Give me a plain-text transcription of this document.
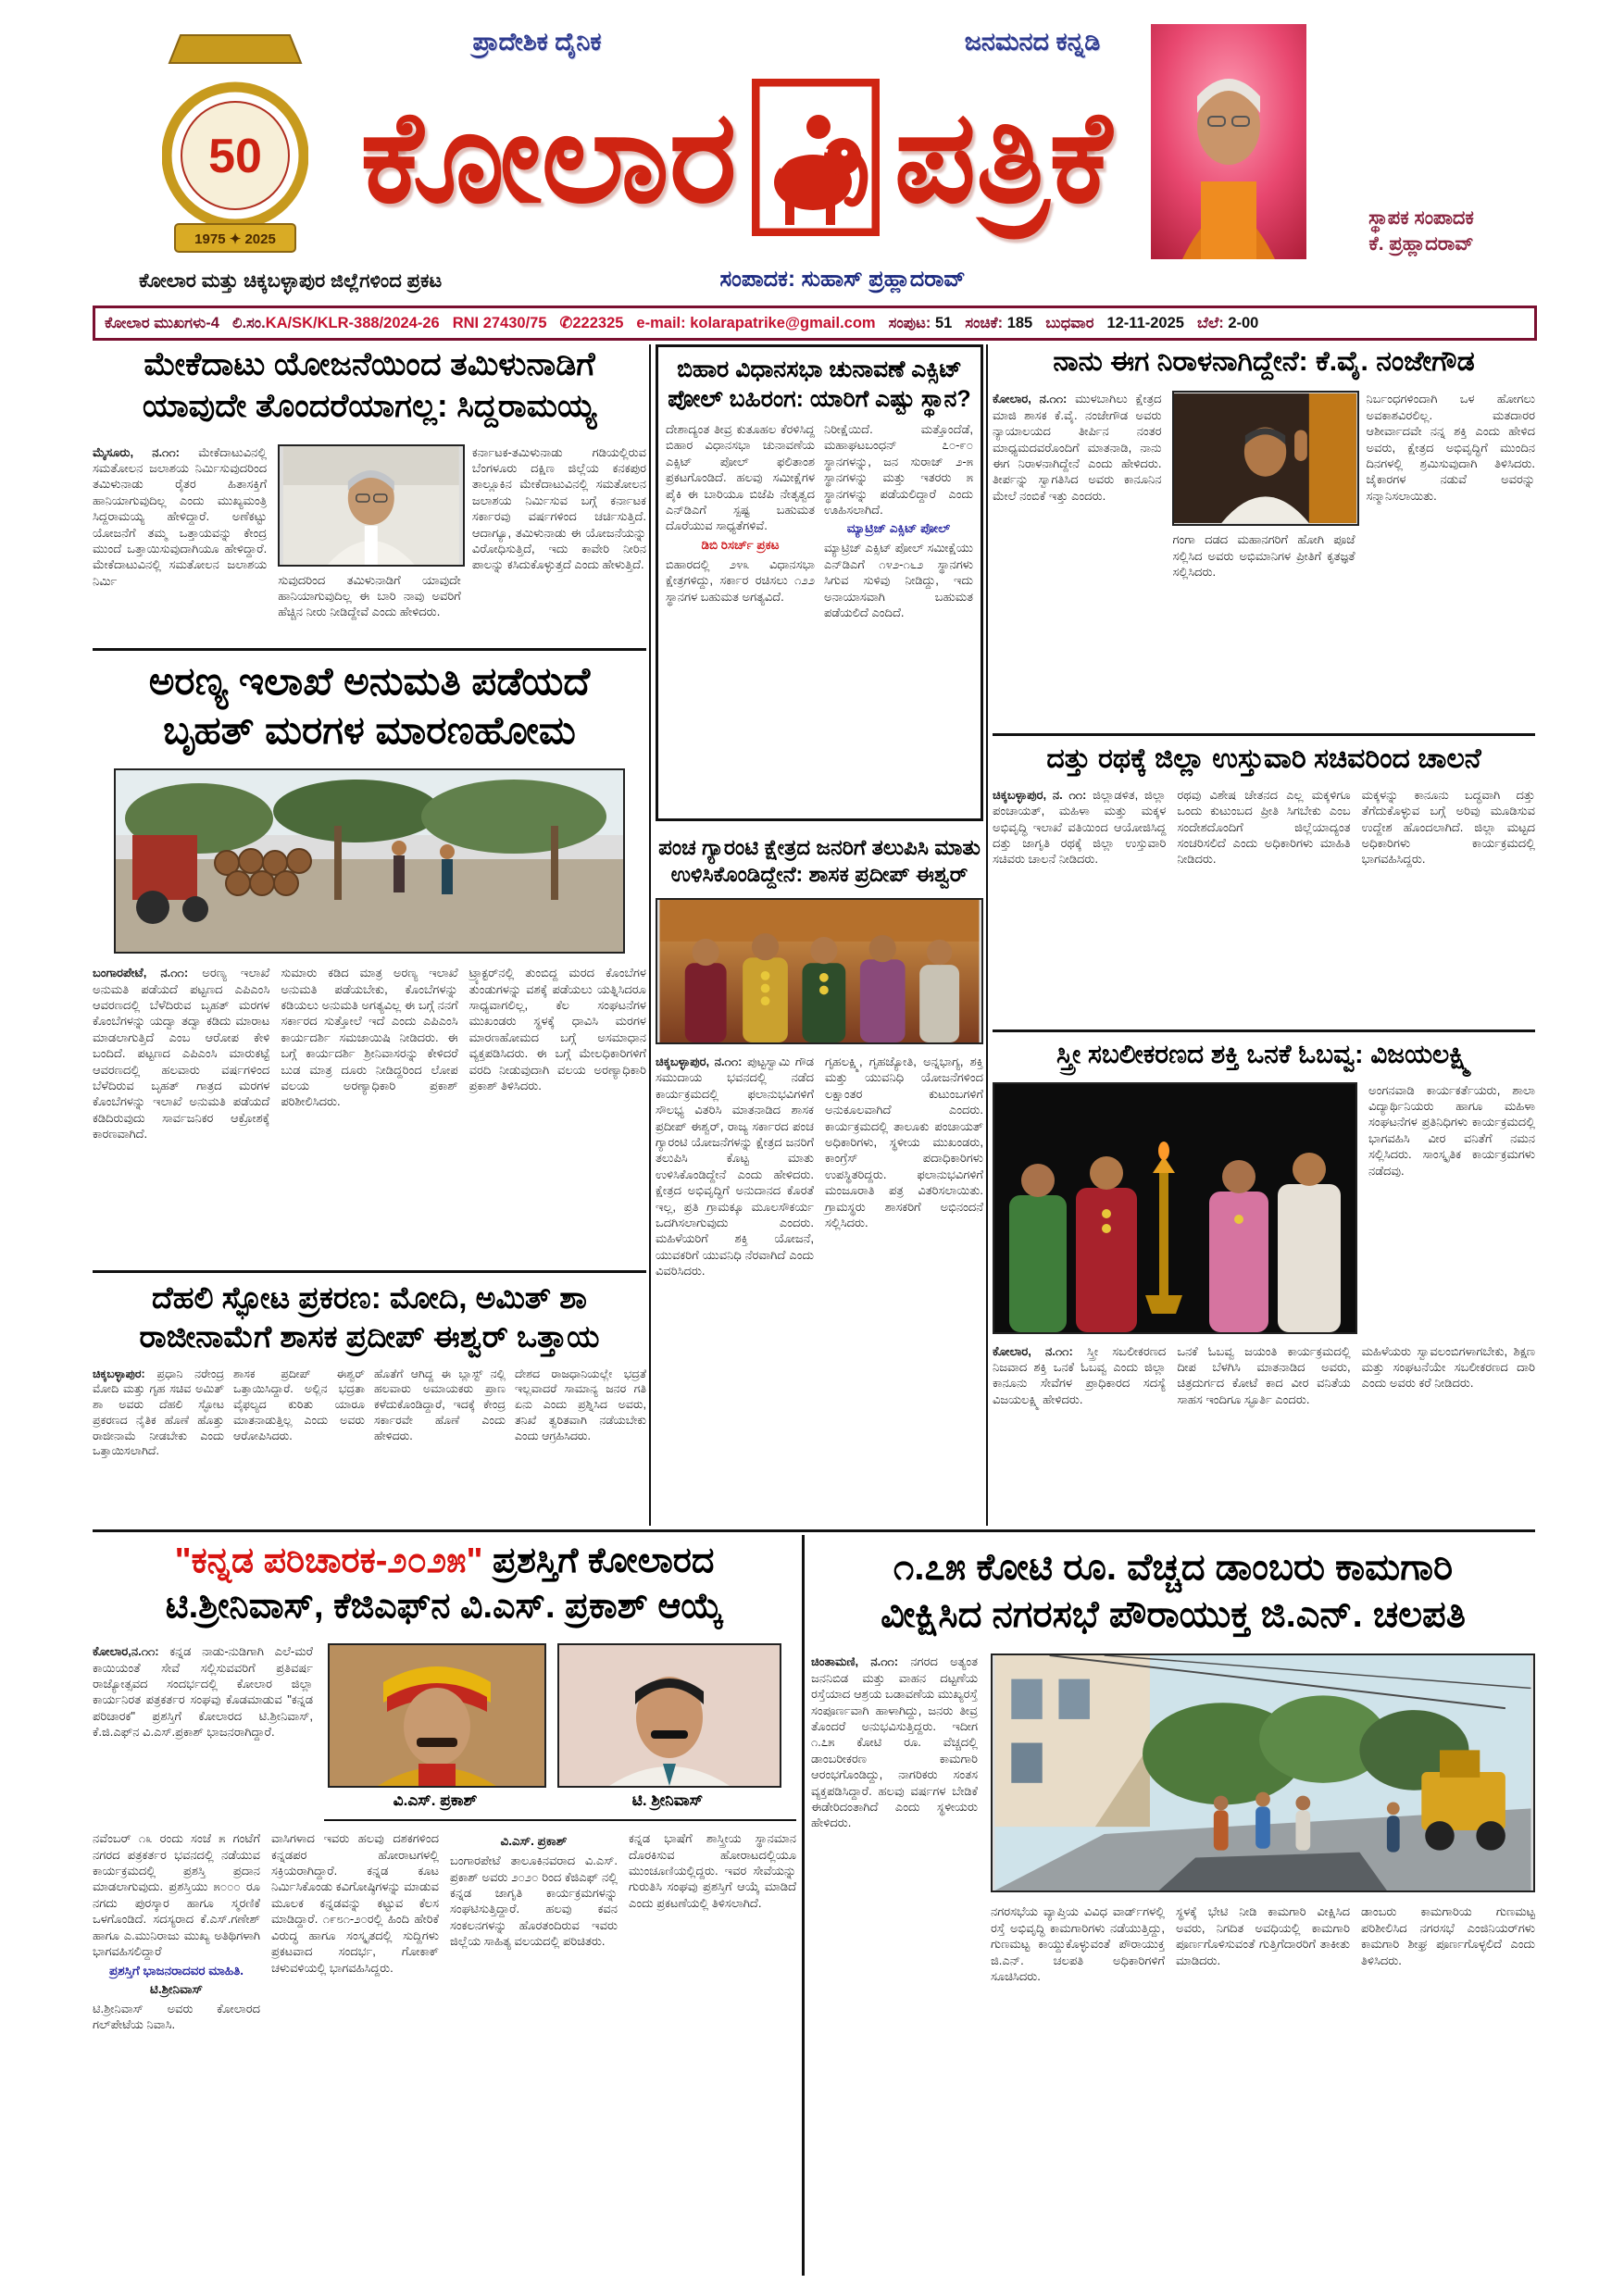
50
1975 ✦ 2025
ಪ್ರಾದೇಶಿಕ ದೈನಿಕ	ಜನಮನದ ಕನ್ನಡಿ
ಕೋಲಾರ ಪತ್ರಿಕೆ	ಸ್ಥಾಪಕ ಸಂಪಾದಕ
ಕೆ. ಪ್ರಹ್ಲಾದರಾವ್
ಕೋಲಾರ ಮತ್ತು ಚಿಕ್ಕಬಳ್ಳಾಪುರ ಜಿಲ್ಲೆಗಳಿಂದ ಪ್ರಕಟ	ಸಂಪಾದಕ: ಸುಹಾಸ್ ಪ್ರಹ್ಲಾದರಾವ್
ಕೋಲಾರ ಮುಖಗಳು-4 ಲಿ.ಸಂ.KA/SK/KLR-388/2024-26 RNI 27430/75 ✆222325 e-mail: kolarapatrike@gmail.com ಸಂಪುಟ: 51 ಸಂಚಿಕೆ: 185 ಬುಧವಾರ 12-11-2025 ಬೆಲೆ: 2-00
ಮೇಕೆದಾಟು ಯೋಜನೆಯಿಂದ ತಮಿಳುನಾಡಿಗೆ
ಯಾವುದೇ ತೊಂದರೆಯಾಗಲ್ಲ: ಸಿದ್ದರಾಮಯ್ಯ
ಮೈಸೂರು, ನ.೧೧: ಮೇಕೆದಾಟುವಿನಲ್ಲಿ ಸಮತೋಲನ ಜಲಾಶಯ ನಿರ್ಮಿಸುವುದರಿಂದ ತಮಿಳುನಾಡು ರೈತರ ಹಿತಾಸಕ್ತಿಗೆ ಹಾನಿಯಾಗುವುದಿಲ್ಲ ಎಂದು ಮುಖ್ಯಮಂತ್ರಿ ಸಿದ್ದರಾಮಯ್ಯ ಹೇಳಿದ್ದಾರೆ. ಅಣೆಕಟ್ಟು ಯೋಜನೆಗೆ ತಮ್ಮ ಒತ್ತಾಯವನ್ನು ಕೇಂದ್ರ ಮುಂದೆ ಒತ್ತಾಯಿಸುವುದಾಗಿಯೂ ಹೇಳಿದ್ದಾರೆ. ಮೇಕೆದಾಟುವಿನಲ್ಲಿ ಸಮತೋಲನ ಜಲಾಶಯ ನಿರ್ಮಿ	ಸುವುದರಿಂದ ತಮಿಳುನಾಡಿಗೆ ಯಾವುದೇ ಹಾನಿಯಾಗುವುದಿಲ್ಲ ಈ ಬಾರಿ ನಾವು ಅವರಿಗೆ ಹೆಚ್ಚಿನ ನೀರು ನೀಡಿದ್ದೇವೆ ಎಂದು ಹೇಳಿದರು.
ಕರ್ನಾಟಕ-ತಮಿಳುನಾಡು ಗಡಿಯಲ್ಲಿರುವ ಬೆಂಗಳೂರು ದಕ್ಷಿಣ ಜಿಲ್ಲೆಯ ಕನಕಪುರ ತಾಲ್ಲೂಕಿನ ಮೇಕೆದಾಟುವಿನಲ್ಲಿ ಸಮತೋಲನ ಜಲಾಶಯ ನಿರ್ಮಿಸುವ ಬಗ್ಗೆ ಕರ್ನಾಟಕ ಸರ್ಕಾರವು ವರ್ಷಗಳಿಂದ ಚರ್ಚಿಸುತ್ತಿದೆ. ಆದಾಗ್ಯೂ, ತಮಿಳುನಾಡು ಈ ಯೋಜನೆಯನ್ನು ವಿರೋಧಿಸುತ್ತಿದೆ, ಇದು ಕಾವೇರಿ ನೀರಿನ ಪಾಲನ್ನು ಕಸಿದುಕೊಳ್ಳುತ್ತದೆ ಎಂದು ಹೇಳುತ್ತಿದೆ.
ಅರಣ್ಯ ಇಲಾಖೆ ಅನುಮತಿ ಪಡೆಯದೆ
ಬೃಹತ್ ಮರಗಳ ಮಾರಣಹೋಮ
ಬಂಗಾರಪೇಟೆ, ನ.೧೧: ಅರಣ್ಯ ಇಲಾಖೆ ಅನುಮತಿ ಪಡೆಯದೆ ಪಟ್ಟಣದ ಎಪಿಎಂಸಿ ಆವರಣದಲ್ಲಿ ಬೆಳೆದಿರುವ ಬೃಹತ್ ಮರಗಳ ಕೊಂಬೆಗಳನ್ನು ಯದ್ವಾ ತದ್ವಾ ಕಡಿದು ಮಾರಾಟ ಮಾಡಲಾಗುತ್ತಿದೆ ಎಂಬ ಆರೋಪ ಕೇಳಿ ಬಂದಿದೆ. ಪಟ್ಟಣದ ಎಪಿಎಂಸಿ ಮಾರುಕಟ್ಟೆ ಆವರಣದಲ್ಲಿ ಹಲವಾರು ವರ್ಷಗಳಿಂದ ಬೆಳೆದಿರುವ ಬೃಹತ್ ಗಾತ್ರದ ಮರಗಳ ಕೊಂಬೆಗಳನ್ನು ಇಲಾಖೆ ಅನುಮತಿ ಪಡೆಯದೆ ಕಡಿದಿರುವುದು ಸಾರ್ವಜನಿಕರ ಆಕ್ರೋಶಕ್ಕೆ ಕಾರಣವಾಗಿದೆ.
ಸುಮಾರು ಕಡಿದ ಮಾತ್ರ ಅರಣ್ಯ ಇಲಾಖೆ ಅನುಮತಿ ಪಡೆಯಬೇಕು, ಕೊಂಬೆಗಳನ್ನು ಕಡಿಯಲು ಅನುಮತಿ ಅಗತ್ಯವಿಲ್ಲ ಈ ಬಗ್ಗೆ ನನಗೆ ಸರ್ಕಾರದ ಸುತ್ತೋಲೆ ಇದೆ ಎಂದು ಎಪಿಎಂಸಿ ಕಾರ್ಯದರ್ಶಿ ಸಮಜಾಯಿಷಿ ನೀಡಿದರು. ಈ ಬಗ್ಗೆ ಕಾರ್ಯದರ್ಶಿ ಶ್ರೀನಿವಾಸರನ್ನು ಕೇಳಿದರೆ ಬುಡ ಮಾತ್ರ ದೂರು ನೀಡಿದ್ದರಿಂದ ಲೋಪ ವಲಯ ಅರಣ್ಯಾಧಿಕಾರಿ ಪ್ರಕಾಶ್ ಪರಿಶೀಲಿಸಿದರು.
ಟ್ರ್ಯಾಕ್ಟರ್‌ನಲ್ಲಿ ತುಂಬಿದ್ದ ಮರದ ಕೊಂಬೆಗಳ ತುಂಡುಗಳನ್ನು ವಶಕ್ಕೆ ಪಡೆಯಲು ಯತ್ನಿಸಿದರೂ ಸಾಧ್ಯವಾಗಲಿಲ್ಲ, ಕೆಲ ಸಂಘಟನೆಗಳ ಮುಖಂಡರು ಸ್ಥಳಕ್ಕೆ ಧಾವಿಸಿ ಮರಗಳ ಮಾರಣಹೋಮದ ಬಗ್ಗೆ ಅಸಮಾಧಾನ ವ್ಯಕ್ತಪಡಿಸಿದರು. ಈ ಬಗ್ಗೆ ಮೇಲಧಿಕಾರಿಗಳಿಗೆ ವರದಿ ನೀಡುವುದಾಗಿ ವಲಯ ಅರಣ್ಯಾಧಿಕಾರಿ ಪ್ರಕಾಶ್ ತಿಳಿಸಿದರು.
ದೆಹಲಿ ಸ್ಫೋಟ ಪ್ರಕರಣ: ಮೋದಿ, ಅಮಿತ್ ಶಾ
ರಾಜೀನಾಮೆಗೆ ಶಾಸಕ ಪ್ರದೀಪ್ ಈಶ್ವರ್ ಒತ್ತಾಯ
ಚಿಕ್ಕಬಳ್ಳಾಪುರ: ಪ್ರಧಾನಿ ನರೇಂದ್ರ ಮೋದಿ ಮತ್ತು ಗೃಹ ಸಚಿವ ಅಮಿತ್ ಶಾ ಅವರು ದೆಹಲಿ ಸ್ಫೋಟ ಪ್ರಕರಣದ ನೈತಿಕ ಹೊಣೆ ಹೊತ್ತು ರಾಜೀನಾಮೆ ನೀಡಬೇಕು ಎಂದು ಒತ್ತಾಯಿಸಲಾಗಿದೆ.
ಶಾಸಕ ಪ್ರದೀಪ್ ಈಶ್ವರ್ ಒತ್ತಾಯಿಸಿದ್ದಾರೆ. ಅಲ್ಲಿನ ಭದ್ರತಾ ವೈಫಲ್ಯದ ಕುರಿತು ಯಾರೂ ಮಾತನಾಡುತ್ತಿಲ್ಲ ಎಂದು ಅವರು ಆರೋಪಿಸಿದರು.
ಹೊತೆಗೆ ಆಗಿದ್ದ ಈ ಬ್ಲಾಸ್ಟ್ ನಲ್ಲಿ ಹಲವಾರು ಅಮಾಯಕರು ಪ್ರಾಣ ಕಳೆದುಕೊಂಡಿದ್ದಾರೆ, ಇದಕ್ಕೆ ಕೇಂದ್ರ ಸರ್ಕಾರವೇ ಹೊಣೆ ಎಂದು ಹೇಳಿದರು.
ದೇಶದ ರಾಜಧಾನಿಯಲ್ಲೇ ಭದ್ರತೆ ಇಲ್ಲವಾದರೆ ಸಾಮಾನ್ಯ ಜನರ ಗತಿ ಏನು ಎಂದು ಪ್ರಶ್ನಿಸಿದ ಅವರು, ತನಿಖೆ ತ್ವರಿತವಾಗಿ ನಡೆಯಬೇಕು ಎಂದು ಆಗ್ರಹಿಸಿದರು.
ಬಿಹಾರ ವಿಧಾನಸಭಾ ಚುನಾವಣೆ ಎಕ್ಸಿಟ್
ಪೋಲ್ ಬಹಿರಂಗ: ಯಾರಿಗೆ ಎಷ್ಟು ಸ್ಥಾನ?
ದೇಶಾದ್ಯಂತ ತೀವ್ರ ಕುತೂಹಲ ಕೆರಳಿಸಿದ್ದ ಬಿಹಾರ ವಿಧಾನಸಭಾ ಚುನಾವಣೆಯ ಎಕ್ಸಿಟ್ ಪೋಲ್ ಫಲಿತಾಂಶ ಪ್ರಕಟಗೊಂಡಿದೆ. ಹಲವು ಸಮೀಕ್ಷೆಗಳ ಪೈಕಿ ಈ ಬಾರಿಯೂ ಬಿಜೆಪಿ ನೇತೃತ್ವದ ಎನ್‌ಡಿಎಗೆ ಸ್ಪಷ್ಟ ಬಹುಮತ ದೊರೆಯುವ ಸಾಧ್ಯತೆಗಳಿವೆ.
ಡಿಬಿ ರಿಸರ್ಚ್ ಪ್ರಕಟ
ಬಿಹಾರದಲ್ಲಿ ೨೪೩ ವಿಧಾನಸಭಾ ಕ್ಷೇತ್ರಗಳಿದ್ದು, ಸರ್ಕಾರ ರಚಿಸಲು ೧೨೨ ಸ್ಥಾನಗಳ ಬಹುಮತ ಅಗತ್ಯವಿದೆ.
ನಿರೀಕ್ಷೆಯಿದೆ. ಮತ್ತೊಂದೆಡೆ, ಮಹಾಘಟಬಂಧನ್ ೭೦-೯೦ ಸ್ಥಾನಗಳನ್ನು, ಜನ ಸುರಾಜ್ ೨-೫ ಸ್ಥಾನಗಳನ್ನು ಮತ್ತು ಇತರರು ೫ ಸ್ಥಾನಗಳನ್ನು ಪಡೆಯಲಿದ್ದಾರೆ ಎಂದು ಊಹಿಸಲಾಗಿದೆ.
ಮ್ಯಾಟ್ರಿಜ್ ಎಕ್ಸಿಟ್ ಪೋಲ್
ಮ್ಯಾಟ್ರಿಜ್ ಎಕ್ಸಿಟ್ ಪೋಲ್ ಸಮೀಕ್ಷೆಯು ಎನ್‌ಡಿಎಗೆ ೧೪೨-೧೬೨ ಸ್ಥಾನಗಳು ಸಿಗುವ ಸುಳಿವು ನೀಡಿದ್ದು, ಇದು ಅನಾಯಾಸವಾಗಿ ಬಹುಮತ ಪಡೆಯಲಿದೆ ಎಂದಿದೆ.
ಪಂಚ ಗ್ಯಾರಂಟಿ ಕ್ಷೇತ್ರದ ಜನರಿಗೆ ತಲುಪಿಸಿ ಮಾತು
ಉಳಿಸಿಕೊಂಡಿದ್ದೇನೆ: ಶಾಸಕ ಪ್ರದೀಪ್ ಈಶ್ವರ್
ಚಿಕ್ಕಬಳ್ಳಾಪುರ, ನ.೧೧: ಪುಟ್ಟಸ್ವಾಮಿ ಗೌಡ ಸಮುದಾಯ ಭವನದಲ್ಲಿ ನಡೆದ ಕಾರ್ಯಕ್ರಮದಲ್ಲಿ ಫಲಾನುಭವಿಗಳಿಗೆ ಸೌಲಭ್ಯ ವಿತರಿಸಿ ಮಾತನಾಡಿದ ಶಾಸಕ ಪ್ರದೀಪ್ ಈಶ್ವರ್, ರಾಜ್ಯ ಸರ್ಕಾರದ ಪಂಚ ಗ್ಯಾರಂಟಿ ಯೋಜನೆಗಳನ್ನು ಕ್ಷೇತ್ರದ ಜನರಿಗೆ ತಲುಪಿಸಿ ಕೊಟ್ಟ ಮಾತು ಉಳಿಸಿಕೊಂಡಿದ್ದೇನೆ ಎಂದು ಹೇಳಿದರು. ಕ್ಷೇತ್ರದ ಅಭಿವೃದ್ಧಿಗೆ ಅನುದಾನದ ಕೊರತೆ ಇಲ್ಲ, ಪ್ರತಿ ಗ್ರಾಮಕ್ಕೂ ಮೂಲಸೌಕರ್ಯ ಒದಗಿಸಲಾಗುವುದು ಎಂದರು. ಮಹಿಳೆಯರಿಗೆ ಶಕ್ತಿ ಯೋಜನೆ, ಯುವಕರಿಗೆ ಯುವನಿಧಿ ನೆರವಾಗಿದೆ ಎಂದು ವಿವರಿಸಿದರು.
ಗೃಹಲಕ್ಷ್ಮಿ, ಗೃಹಜ್ಯೋತಿ, ಅನ್ನಭಾಗ್ಯ, ಶಕ್ತಿ ಮತ್ತು ಯುವನಿಧಿ ಯೋಜನೆಗಳಿಂದ ಲಕ್ಷಾಂತರ ಕುಟುಂಬಗಳಿಗೆ ಅನುಕೂಲವಾಗಿದೆ ಎಂದರು. ಕಾರ್ಯಕ್ರಮದಲ್ಲಿ ತಾಲೂಕು ಪಂಚಾಯತ್ ಅಧಿಕಾರಿಗಳು, ಸ್ಥಳೀಯ ಮುಖಂಡರು, ಕಾಂಗ್ರೆಸ್ ಪದಾಧಿಕಾರಿಗಳು ಉಪಸ್ಥಿತರಿದ್ದರು. ಫಲಾನುಭವಿಗಳಿಗೆ ಮಂಜೂರಾತಿ ಪತ್ರ ವಿತರಿಸಲಾಯಿತು. ಗ್ರಾಮಸ್ಥರು ಶಾಸಕರಿಗೆ ಅಭಿನಂದನೆ ಸಲ್ಲಿಸಿದರು.
ನಾನು ಈಗ ನಿರಾಳನಾಗಿದ್ದೇನೆ: ಕೆ.ವೈ. ನಂಜೇಗೌಡ
ಕೋಲಾರ, ನ.೧೧: ಮುಳಬಾಗಿಲು ಕ್ಷೇತ್ರದ ಮಾಜಿ ಶಾಸಕ ಕೆ.ವೈ. ನಂಜೇಗೌಡ ಅವರು ನ್ಯಾಯಾಲಯದ ತೀರ್ಪಿನ ನಂತರ ಮಾಧ್ಯಮದವರೊಂದಿಗೆ ಮಾತನಾಡಿ, ನಾನು ಈಗ ನಿರಾಳನಾಗಿದ್ದೇನೆ ಎಂದು ಹೇಳಿದರು. ತೀರ್ಪನ್ನು ಸ್ವಾಗತಿಸಿದ ಅವರು ಕಾನೂನಿನ ಮೇಲೆ ನಂಬಿಕೆ ಇತ್ತು ಎಂದರು.
ಗಂಗಾ ದಡದ ಮಹಾನಗರಿಗೆ ಹೋಗಿ ಪೂಜೆ ಸಲ್ಲಿಸಿದ ಅವರು ಅಭಿಮಾನಿಗಳ ಪ್ರೀತಿಗೆ ಕೃತಜ್ಞತೆ ಸಲ್ಲಿಸಿದರು.
ನಿರ್ಬಂಧಗಳಿಂದಾಗಿ ಒಳ ಹೋಗಲು ಅವಕಾಶವಿರಲಿಲ್ಲ. ಮತದಾರರ ಆಶೀರ್ವಾದವೇ ನನ್ನ ಶಕ್ತಿ ಎಂದು ಹೇಳಿದ ಅವರು, ಕ್ಷೇತ್ರದ ಅಭಿವೃದ್ಧಿಗೆ ಮುಂದಿನ ದಿನಗಳಲ್ಲಿ ಶ್ರಮಿಸುವುದಾಗಿ ತಿಳಿಸಿದರು. ಜೈಕಾರಗಳ ನಡುವೆ ಅವರನ್ನು ಸನ್ಮಾನಿಸಲಾಯಿತು.
ದತ್ತು ರಥಕ್ಕೆ ಜಿಲ್ಲಾ ಉಸ್ತುವಾರಿ ಸಚಿವರಿಂದ ಚಾಲನೆ
ಚಿಕ್ಕಬಳ್ಳಾಪುರ, ನ. ೧೧: ಜಿಲ್ಲಾಡಳಿತ, ಜಿಲ್ಲಾ ಪಂಚಾಯತ್, ಮಹಿಳಾ ಮತ್ತು ಮಕ್ಕಳ ಅಭಿವೃದ್ಧಿ ಇಲಾಖೆ ವತಿಯಿಂದ ಆಯೋಜಿಸಿದ್ದ ದತ್ತು ಜಾಗೃತಿ ರಥಕ್ಕೆ ಜಿಲ್ಲಾ ಉಸ್ತುವಾರಿ ಸಚಿವರು ಚಾಲನೆ ನೀಡಿದರು.
ರಥವು ವಿಶೇಷ ಚೇತನದ ಎಲ್ಲ ಮಕ್ಕಳಿಗೂ ಒಂದು ಕುಟುಂಬದ ಪ್ರೀತಿ ಸಿಗಬೇಕು ಎಂಬ ಸಂದೇಶದೊಂದಿಗೆ ಜಿಲ್ಲೆಯಾದ್ಯಂತ ಸಂಚರಿಸಲಿದೆ ಎಂದು ಅಧಿಕಾರಿಗಳು ಮಾಹಿತಿ ನೀಡಿದರು.
ಮಕ್ಕಳನ್ನು ಕಾನೂನು ಬದ್ಧವಾಗಿ ದತ್ತು ತೆಗೆದುಕೊಳ್ಳುವ ಬಗ್ಗೆ ಅರಿವು ಮೂಡಿಸುವ ಉದ್ದೇಶ ಹೊಂದಲಾಗಿದೆ. ಜಿಲ್ಲಾ ಮಟ್ಟದ ಅಧಿಕಾರಿಗಳು ಕಾರ್ಯಕ್ರಮದಲ್ಲಿ ಭಾಗವಹಿಸಿದ್ದರು.
ಸ್ತ್ರೀ ಸಬಲೀಕರಣದ ಶಕ್ತಿ ಒನಕೆ ಓಬವ್ವ: ವಿಜಯಲಕ್ಷ್ಮಿ
ಅಂಗನವಾಡಿ ಕಾರ್ಯಕರ್ತೆಯರು, ಶಾಲಾ ವಿದ್ಯಾರ್ಥಿನಿಯರು ಹಾಗೂ ಮಹಿಳಾ ಸಂಘಟನೆಗಳ ಪ್ರತಿನಿಧಿಗಳು ಕಾರ್ಯಕ್ರಮದಲ್ಲಿ ಭಾಗವಹಿಸಿ ವೀರ ವನಿತೆಗೆ ನಮನ ಸಲ್ಲಿಸಿದರು. ಸಾಂಸ್ಕೃತಿಕ ಕಾರ್ಯಕ್ರಮಗಳು ನಡೆದವು.
ಕೋಲಾರ, ನ.೧೧: ಸ್ತ್ರೀ ಸಬಲೀಕರಣದ ನಿಜವಾದ ಶಕ್ತಿ ಒನಕೆ ಓಬವ್ವ ಎಂದು ಜಿಲ್ಲಾ ಕಾನೂನು ಸೇವೆಗಳ ಪ್ರಾಧಿಕಾರದ ಸದಸ್ಯೆ ವಿಜಯಲಕ್ಷ್ಮಿ ಹೇಳಿದರು.
ಒನಕೆ ಓಬವ್ವ ಜಯಂತಿ ಕಾರ್ಯಕ್ರಮದಲ್ಲಿ ದೀಪ ಬೆಳಗಿಸಿ ಮಾತನಾಡಿದ ಅವರು, ಚಿತ್ರದುರ್ಗದ ಕೋಟೆ ಕಾದ ವೀರ ವನಿತೆಯ ಸಾಹಸ ಇಂದಿಗೂ ಸ್ಫೂರ್ತಿ ಎಂದರು.
ಮಹಿಳೆಯರು ಸ್ವಾವಲಂಬಿಗಳಾಗಬೇಕು, ಶಿಕ್ಷಣ ಮತ್ತು ಸಂಘಟನೆಯೇ ಸಬಲೀಕರಣದ ದಾರಿ ಎಂದು ಅವರು ಕರೆ ನೀಡಿದರು.
"ಕನ್ನಡ ಪರಿಚಾರಕ-೨೦೨೫" ಪ್ರಶಸ್ತಿಗೆ ಕೋಲಾರದ
ಟಿ.ಶ್ರೀನಿವಾಸ್, ಕೆಜಿಎಫ್‌ನ ವಿ.ಎಸ್. ಪ್ರಕಾಶ್ ಆಯ್ಕೆ
ಕೋಲಾರ,ನ.೧೧: ಕನ್ನಡ ನಾಡು-ನುಡಿಗಾಗಿ ಎಲೆ-ಮರೆ ಕಾಯಿಯಂತೆ ಸೇವೆ ಸಲ್ಲಿಸುವವರಿಗೆ ಪ್ರತಿವರ್ಷ ರಾಜ್ಯೋತ್ಸವದ ಸಂದರ್ಭದಲ್ಲಿ ಕೋಲಾರ ಜಿಲ್ಲಾ ಕಾರ್ಯನಿರತ ಪತ್ರಕರ್ತರ ಸಂಘವು ಕೊಡಮಾಡುವ "ಕನ್ನಡ ಪರಿಚಾರಕ" ಪ್ರಶಸ್ತಿಗೆ ಕೋಲಾರದ ಟಿ.ಶ್ರೀನಿವಾಸ್, ಕೆ.ಜಿ.ಎಫ್‌ನ ವಿ.ಎಸ್.ಪ್ರಕಾಶ್ ಭಾಜನರಾಗಿದ್ದಾರೆ.
ವಿ.ಎಸ್. ಪ್ರಕಾಶ್	ಟಿ. ಶ್ರೀನಿವಾಸ್
ನವೆಂಬರ್ ೧೩ ರಂದು ಸಂಜೆ ೫ ಗಂಟೆಗೆ ನಗರದ ಪತ್ರಕರ್ತರ ಭವನದಲ್ಲಿ ನಡೆಯುವ ಕಾರ್ಯಕ್ರಮದಲ್ಲಿ ಪ್ರಶಸ್ತಿ ಪ್ರದಾನ ಮಾಡಲಾಗುವುದು. ಪ್ರಶಸ್ತಿಯು ೫೦೦೦ ರೂ ನಗದು ಪುರಸ್ಕಾರ ಹಾಗೂ ಸ್ಮರಣಿಕೆ ಒಳಗೊಂಡಿದೆ. ಸದಸ್ಯರಾದ ಕೆ.ಎಸ್.ಗಣೇಶ್ ಹಾಗೂ ಎ.ಮುನಿರಾಜು ಮುಖ್ಯ ಅತಿಥಿಗಳಾಗಿ ಭಾಗವಹಿಸಲಿದ್ದಾರೆ
ಪ್ರಶಸ್ತಿಗೆ ಭಾಜನರಾದವರ ಮಾಹಿತಿ.
ಟಿ.ಶ್ರೀನಿವಾಸ್
ಟಿ.ಶ್ರೀನಿವಾಸ್ ಅವರು ಕೋಲಾರದ ಗಲ್‌ಪೇಟೆಯ ನಿವಾಸಿ.
ವಾಸಿಗಳಾದ ಇವರು ಹಲವು ದಶಕಗಳಿಂದ ಕನ್ನಡಪರ ಹೋರಾಟಗಳಲ್ಲಿ ಸಕ್ರಿಯರಾಗಿದ್ದಾರೆ. ಕನ್ನಡ ಕೂಟ ನಿರ್ಮಿಸಿಕೊಂಡು ಕವಿಗೋಷ್ಠಿಗಳನ್ನು ಮಾಡುವ ಮೂಲಕ ಕನ್ನಡವನ್ನು ಕಟ್ಟುವ ಕೆಲಸ ಮಾಡಿದ್ದಾರೆ. ೧೯೮೧-೨೦ರಲ್ಲಿ ಹಿಂದಿ ಹೇರಿಕೆ ವಿರುದ್ಧ ಹಾಗೂ ಸಂಸ್ಕೃತದಲ್ಲಿ ಸುದ್ದಿಗಳು ಪ್ರಕಟವಾದ ಸಂದರ್ಭ, ಗೋಕಾಕ್ ಚಳುವಳಿಯಲ್ಲಿ ಭಾಗವಹಿಸಿದ್ದರು.
ವಿ.ಎಸ್. ಪ್ರಕಾಶ್
ಬಂಗಾರಪೇಟೆ ತಾಲೂಕಿನವರಾದ ವಿ.ಎಸ್. ಪ್ರಕಾಶ್ ಅವರು ೨೦೨೦ ರಿಂದ ಕೆಜಿಎಫ್ ನಲ್ಲಿ ಕನ್ನಡ ಜಾಗೃತಿ ಕಾರ್ಯಕ್ರಮಗಳನ್ನು ಸಂಘಟಿಸುತ್ತಿದ್ದಾರೆ. ಹಲವು ಕವನ ಸಂಕಲನಗಳನ್ನು ಹೊರತಂದಿರುವ ಇವರು ಜಿಲ್ಲೆಯ ಸಾಹಿತ್ಯ ವಲಯದಲ್ಲಿ ಪರಿಚಿತರು.
ಕನ್ನಡ ಭಾಷೆಗೆ ಶಾಸ್ತ್ರೀಯ ಸ್ಥಾನಮಾನ ದೊರಕಿಸುವ ಹೋರಾಟದಲ್ಲಿಯೂ ಮುಂಚೂಣಿಯಲ್ಲಿದ್ದರು. ಇವರ ಸೇವೆಯನ್ನು ಗುರುತಿಸಿ ಸಂಘವು ಪ್ರಶಸ್ತಿಗೆ ಆಯ್ಕೆ ಮಾಡಿದೆ ಎಂದು ಪ್ರಕಟಣೆಯಲ್ಲಿ ತಿಳಿಸಲಾಗಿದೆ.
೧.೭೫ ಕೋಟಿ ರೂ. ವೆಚ್ಚದ ಡಾಂಬರು ಕಾಮಗಾರಿ
ವೀಕ್ಷಿಸಿದ ನಗರಸಭೆ ಪೌರಾಯುಕ್ತ ಜಿ.ಎನ್. ಚಲಪತಿ
ಚಿಂತಾಮಣಿ, ನ.೧೧: ನಗರದ ಅತ್ಯಂತ ಜನನಿಬಿಡ ಮತ್ತು ವಾಹನ ದಟ್ಟಣೆಯ ರಸ್ತೆಯಾದ ಆಶ್ರಯ ಬಡಾವಣೆಯ ಮುಖ್ಯರಸ್ತೆ ಸಂಪೂರ್ಣವಾಗಿ ಹಾಳಾಗಿದ್ದು, ಜನರು ತೀವ್ರ ತೊಂದರೆ ಅನುಭವಿಸುತ್ತಿದ್ದರು. ಇದೀಗ ೧.೭೫ ಕೋಟಿ ರೂ. ವೆಚ್ಚದಲ್ಲಿ ಡಾಂಬರೀಕರಣ ಕಾಮಗಾರಿ ಆರಂಭಗೊಂಡಿದ್ದು, ನಾಗರಿಕರು ಸಂತಸ ವ್ಯಕ್ತಪಡಿಸಿದ್ದಾರೆ. ಹಲವು ವರ್ಷಗಳ ಬೇಡಿಕೆ ಈಡೇರಿದಂತಾಗಿದೆ ಎಂದು ಸ್ಥಳೀಯರು ಹೇಳಿದರು.
ನಗರಸಭೆಯ ವ್ಯಾಪ್ತಿಯ ವಿವಿಧ ವಾರ್ಡ್‌ಗಳಲ್ಲಿ ರಸ್ತೆ ಅಭಿವೃದ್ಧಿ ಕಾಮಗಾರಿಗಳು ನಡೆಯುತ್ತಿದ್ದು, ಗುಣಮಟ್ಟ ಕಾಯ್ದುಕೊಳ್ಳುವಂತೆ ಪೌರಾಯುಕ್ತ ಜಿ.ಎನ್. ಚಲಪತಿ ಅಧಿಕಾರಿಗಳಿಗೆ ಸೂಚಿಸಿದರು.
ಸ್ಥಳಕ್ಕೆ ಭೇಟಿ ನೀಡಿ ಕಾಮಗಾರಿ ವೀಕ್ಷಿಸಿದ ಅವರು, ನಿಗದಿತ ಅವಧಿಯಲ್ಲಿ ಕಾಮಗಾರಿ ಪೂರ್ಣಗೊಳಿಸುವಂತೆ ಗುತ್ತಿಗೆದಾರರಿಗೆ ತಾಕೀತು ಮಾಡಿದರು.
ಡಾಂಬರು ಕಾಮಗಾರಿಯ ಗುಣಮಟ್ಟ ಪರಿಶೀಲಿಸಿದ ನಗರಸಭೆ ಎಂಜಿನಿಯರ್‌ಗಳು ಕಾಮಗಾರಿ ಶೀಘ್ರ ಪೂರ್ಣಗೊಳ್ಳಲಿದೆ ಎಂದು ತಿಳಿಸಿದರು.
